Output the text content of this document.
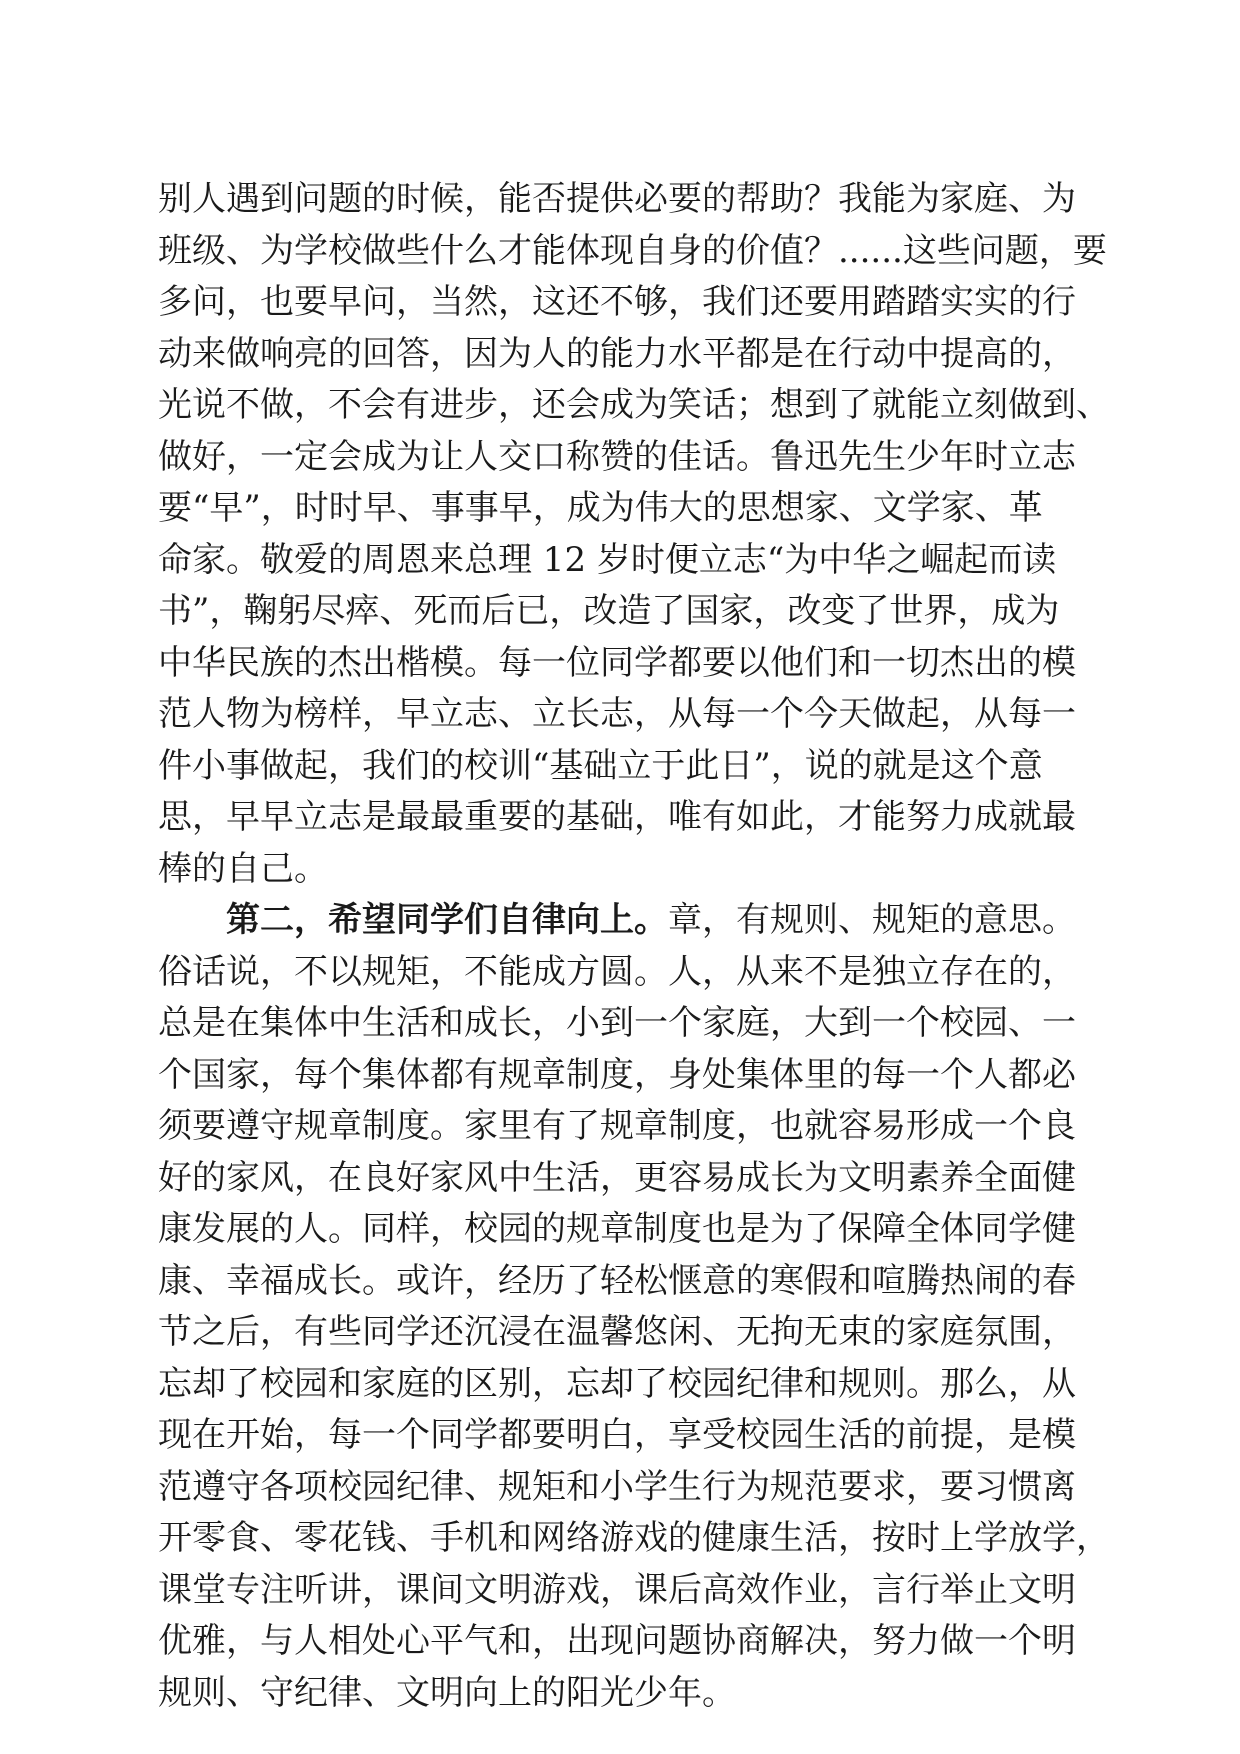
别人遇到问题的时候，能否提供必要的帮助？我能为家庭、为
班级、为学校做些什么才能体现自身的价值？......这些问题，要
多问，也要早问，当然，这还不够，我们还要用踏踏实实的行
动来做响亮的回答，因为人的能力水平都是在行动中提高的，
光说不做，不会有进步，还会成为笑话；想到了就能立刻做到、
做好，一定会成为让人交口称赞的佳话。鲁迅先生少年时立志
要“早”，时时早、事事早，成为伟大的思想家、文学家、革
命家。敬爱的周恩来总理 12 岁时便立志“为中华之崛起而读
书”，鞠躬尽瘁、死而后已，改造了国家，改变了世界，成为
中华民族的杰出楷模。每一位同学都要以他们和一切杰出的模
范人物为榜样，早立志、立长志，从每一个今天做起，从每一
件小事做起，我们的校训“基础立于此日”，说的就是这个意
思，早早立志是最最重要的基础，唯有如此，才能努力成就最
棒的自己。
第二，希望同学们自律向上。章，有规则、规矩的意思。
俗话说，不以规矩，不能成方圆。人，从来不是独立存在的，
总是在集体中生活和成长，小到一个家庭，大到一个校园、一
个国家，每个集体都有规章制度，身处集体里的每一个人都必
须要遵守规章制度。家里有了规章制度，也就容易形成一个良
好的家风，在良好家风中生活，更容易成长为文明素养全面健
康发展的人。同样，校园的规章制度也是为了保障全体同学健
康、幸福成长。或许，经历了轻松惬意的寒假和喧腾热闹的春
节之后，有些同学还沉浸在温馨悠闲、无拘无束的家庭氛围，
忘却了校园和家庭的区别，忘却了校园纪律和规则。那么，从
现在开始，每一个同学都要明白，享受校园生活的前提，是模
范遵守各项校园纪律、规矩和小学生行为规范要求，要习惯离
开零食、零花钱、手机和网络游戏的健康生活，按时上学放学，
课堂专注听讲，课间文明游戏，课后高效作业，言行举止文明
优雅，与人相处心平气和，出现问题协商解决，努力做一个明
规则、守纪律、文明向上的阳光少年。
